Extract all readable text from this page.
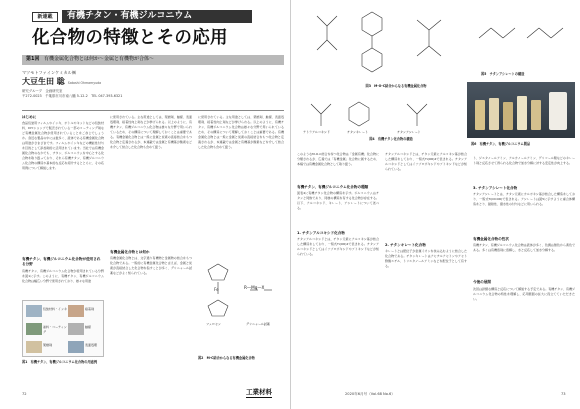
新連載	有機チタン・有機ジルコニウム
化合物の特徴とその応用
第1回 有機金属化合物とは何か〜金属と有機物が合体〜
マツモトファインケミカル㈱
大豆生田 聡 Satoshi Ohmamyuda
研究グループ　企画研究室
〒272-0023　千葉県市川市南八幡 5-12-2　TEL 047-393-6321
はじめに
食品包装用フィルムやインキ、ボトルやキットなどの包装材料、DIYショップで販売されている一部のコーティング剤など有機金属化合物が使用されていることをご存じでしょうか。身近な製品の中には数多く、液体である有機金属化合物は用途がさまざまです。フィルムやインキなどの機能性付与を目的として添加剤的に活用されています。当社では有機金属化合物のなかでも、チタン、ジルコニウムを中心とする化合物を取り扱っており、それら有機チタン、有機ジルコニウム化合物の構造や基本的な反応を紹介するとともに、その応用例について解説します。
有機チタン、有機ジルコニウム化合物が使用される分野
有機チタン、有機ジルコニウム化合物が使用されている分野を図1に示す。このように、有機チタン、有機ジルコニウム化合物は幅広い分野で使用されており、様々な用途
包装材料・インキ	接着剤
塗料・コーティング
触媒
架橋剤	表面処理
図1　有機チタン、有機ジルコニウム化合物の用途例
に使用されている。主な用途としては、架橋剤、触媒、表面処理剤、接着性向上剤などが挙げられる。以上のように、有機チタン、有機ジルコニウム化合物は様々な分野で用いられているため、その構造について理解しておくことは重要である。有機金属化合物とは一般に金属と炭素の直接結合をもつ化合物と定義されるが、本連載では金属と有機基が酸素などを介して結合した化合物も含めて扱う。
に使用されている。主な用途としては、架橋剤、触媒、表面処理剤、接着性向上剤などが挙げられる。以上のように、有機チタン、有機ジルコニウム化合物は様々な分野で用いられているため、その構造について理解しておくことは重要である。有機金属化合物とは一般に金属と炭素の直接結合をもつ化合物と定義されるが、本連載では金属と有機基が酸素などを介して結合した化合物も含めて扱う。
有機金属化合物とは何か
有機金属化合物とは、文字通り有機物と金属物の結合をもつ化合物である。一般的に有機金属化合物と言えば、金属と炭素が直接結合した化合物を指すことが多く、グリニャール試薬などがよく知られている。
Fe	R—Mg—X
フェロセン	グリニャール試薬
図2　M-C結合からなる有機金属化合物
72	工業材料
図3　M-O-C結合からなる有機金属化合物
テトラアルコキシド	チタンキレート	チタンアシレート
図4　有機チタン化合物の構造
図5　チタンアシレートの構造
図6　有機チタン、有機ジルコニウム製品
このようなM-O-C結合を持つ化合物は「金属有機」化合物に分類されるが、広義では「有機金属」化合物に属するため、本稿では有機金属化合物として取り扱う。
有機チタン、有機ジルコニウム化合物の種類
図表4に有機チタン化合物の構造を示す。ジルコニウムはチタンと同族であり、同様の構造を有する化合物が存在する。以下、アルコキシド、キレート、アシレートについて述べる。
1. チタンアルコキシド化合物
チタンアルコキシドとは、チタン元素にアルコキシ基が結合した構造をしており、一般式Ti(OR)4で表される。チタンアルコキシドとしてはイソプロポキシドやブトキシドなどが知られている。
チタンアルコキシドとは、チタン元素にアルコキシ基が結合した構造をしており、一般式Ti(OR)4で表される。チタンアルコキシドとしてはイソプロポキシドやブトキシドなどが知られている。
2. チタンキレート化合物
キレートとは配位子が金属イオンを挟み込むように結合した化合物である。チタンキレートはアセチルアセトンやアセト酢酸エチル、トリエタノールアミンなどを配位子として有する。
ト、ジエタノールアミン、アルカノールアミン、グリコール類などのキレート剤と反応させて得られる化合物で加水分解に対する安定性が向上する。
3. チタンアシレート化合物
チタンアシレートとは、チタン元素にカルボキシ基が結合した構造をしており、一般式Ti(OCOR)で表される。アシレートは図5に示すように重合体構造をとり、耐熱性、撥水性の付与などに用いられる。
有機金属化合物の性状
有機チタン、有機ジルコニウム化合物は液体が多く、色調は無色から黄色である。多くは有機溶剤に溶解し、水と反応して加水分解する。
今後の展開
次回は詳細な構造と反応について解説する予定である。有機チタン、有機ジルコニウム化合物の特性を理解し、応用範囲の拡大に役立てていただきたい。
2020年6月号（Vol.68 No.6）	73
